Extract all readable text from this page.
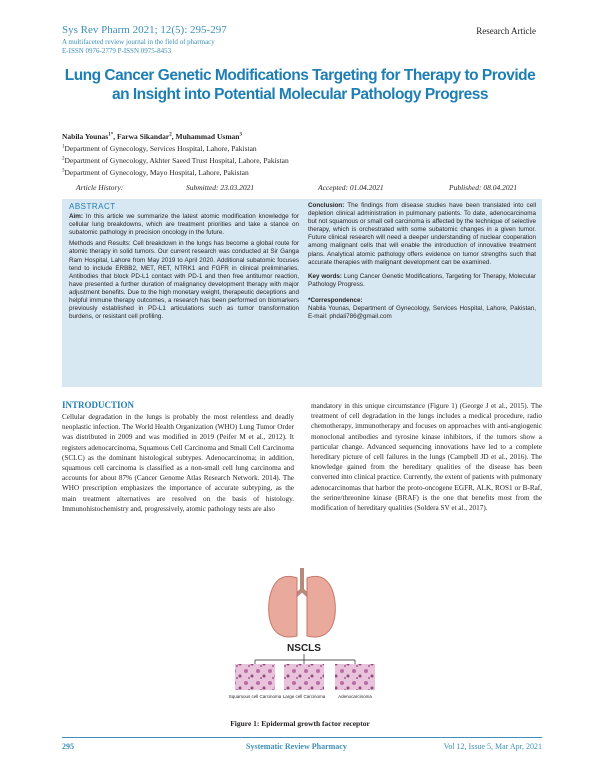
Sys Rev Pharm 2021; 12(5): 295-297
A multifaceted review journal in the field of pharmacy
E-ISSN 0976-2779 P-ISSN 0975-8453
Research Article
Lung Cancer Genetic Modifications Targeting for Therapy to Provide an Insight into Potential Molecular Pathology Progress
Nabila Younas$^{1*}$, Farwa Sikandar$^2$, Muhammad Usman$^3$
$^1$Department of Gynecology, Services Hospital, Lahore, Pakistan
$^2$Department of Gynecology, Akhter Saeed Trust Hospital, Lahore, Pakistan
$^3$Department of Gynecology, Mayo Hospital, Lahore, Pakistan
Article History:	Submitted: 23.03.2021	Accepted: 01.04.2021	Published: 08.04.2021
ABSTRACT

Aim: In this article we summarize the latest atomic modification knowledge for cellular lung breakdowns, which are treatment priorities and take a stance on subatomic pathology in precision oncology in the future.

Methods and Results: Cell breakdown in the lungs has become a global route for atomic therapy in solid tumors. Our current research was conducted at Sir Ganga Ram Hospital, Lahore from May 2019 to April 2020. Additional subatomic focuses tend to include ERBB2, MET, RET, NTRK1 and FGFR in clinical preliminaries. Antibodies that block PD-L1 contact with PD-1 and then free antitumor reaction, have presented a further duration of malignancy development therapy with major adjustment benefits. Due to the high monetary weight, therapeutic deceptions and helpful immune therapy outcomes, a research has been performed on biomarkers previously established in PD-L1 articulations such as tumor transformation burdens, or resistant cell profiling.

Conclusion: The findings from disease studies have been translated into cell depletion clinical administration in pulmonary patients. To date, adenocarcinoma but not squamous or small cell carcinoma is affected by the technique of selective therapy, which is orchestrated with some subatomic changes in a given tumor. Future clinical research will need a deeper understanding of nuclear cooperation among malignant cells that will enable the introduction of innovative treatment plans. Analytical atomic pathology offers evidence on tumor strengths such that accurate therapies with malignant development can be examined.

Key words: Lung Cancer Genetic Modifications, Targeting for Therapy, Molecular Pathology Progress.

*Correspondence:

Nabila Younas, Department of Gynecology, Services Hospital, Lahore, Pakistan, E-mail: phdali786@gmail.com

INTRODUCTION
Cellular degradation in the lungs is probably the most relentless and deadly neoplastic infection. The World Health Organization (WHO) Lung Tumor Order was distributed in 2009 and was modified in 2019 (Peifer M et al., 2012). It registers adenocarcinoma, Squamous Cell Carcinoma and Small Cell Carcinoma (SCLC) as the dominant histological subtypes. Adenocarcinoma; in addition, squamous cell carcinoma is classified as a non-small cell lung carcinoma and accounts for about 87% (Cancer Genome Atlas Research Network. 2014). The WHO prescription emphasizes the importance of accurate subtyping, as the main treatment alternatives are resolved on the basis of histology. Immunohistochemistry and, progressively, atomic pathology tests are also
mandatory in this unique circumstance (Figure 1) (George J et al., 2015). The treatment of cell degradation in the lungs includes a medical procedure, radio chemotherapy, immunotherapy and focuses on approaches with anti-angiogenic monoclonal antibodies and tyrosine kinase inhibitors, if the tumors show a particular change. Advanced sequencing innovations have led to a complete hereditary picture of cell failures in the lungs (Campbell JD et al., 2016). The knowledge gained from the hereditary qualities of the disease has been converted into clinical practice. Currently, the extent of patients with pulmonary adenocarcinomas that harbor the proto-oncogene EGFR, ALK, ROS1 or B-Raf, the serine/threonine kinase (BRAF) is the one that benefits most from the modification of hereditary qualities (Soldera SV et al., 2017).
NSCLS
Squamous cell Carcinoma Large cell Carcinoma	Adenocarcinoma
Figure 1: Epidermal growth factor receptor
295	Systematic Review Pharmacy	Vol 12, Issue 5, Mar Apr, 2021
